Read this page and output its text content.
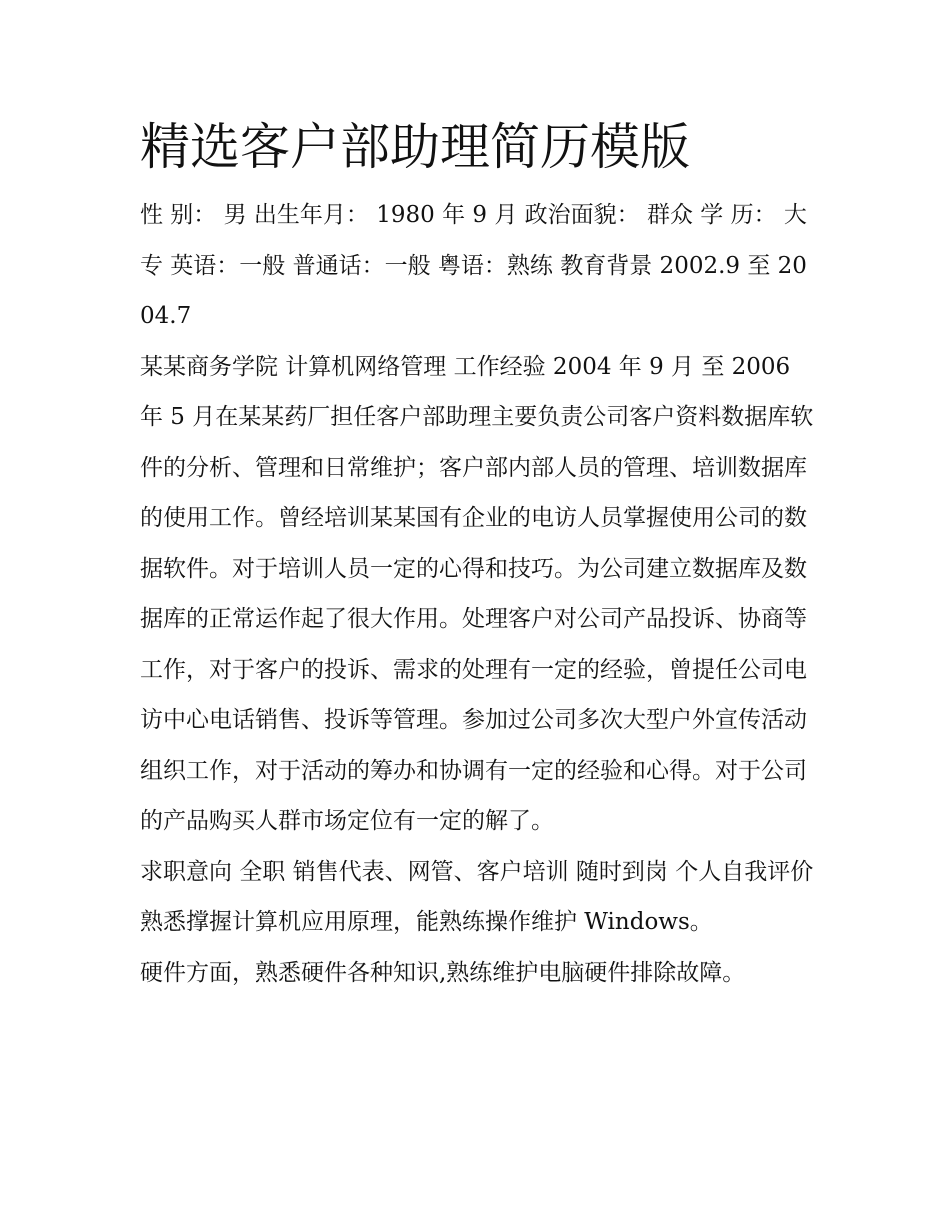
精选客户部助理简历模版

性 别： 男 出生年月： 1980 年 9 月 政治面貌： 群众 学 历： 大专 英语：一般 普通话：一般 粤语：熟练 教育背景 2002.9 至 2004.7

某某商务学院 计算机网络管理 工作经验 2004 年 9 月 至 2006 年 5 月在某某药厂担任客户部助理主要负责公司客户资料数据库软件的分析、管理和日常维护；客户部内部人员的管理、培训数据库的使用工作。曾经培训某某国有企业的电访人员掌握使用公司的数据软件。对于培训人员一定的心得和技巧。为公司建立数据库及数据库的正常运作起了很大作用。处理客户对公司产品投诉、协商等工作，对于客户的投诉、需求的处理有一定的经验，曾提任公司电访中心电话销售、投诉等管理。参加过公司多次大型户外宣传活动组织工作，对于活动的筹办和协调有一定的经验和心得。对于公司的产品购买人群市场定位有一定的解了。

求职意向 全职 销售代表、网管、客户培训 随时到岗 个人自我评价 熟悉撑握计算机应用原理，能熟练操作维护 Windows。

硬件方面，熟悉硬件各种知识,熟练维护电脑硬件排除故障。
